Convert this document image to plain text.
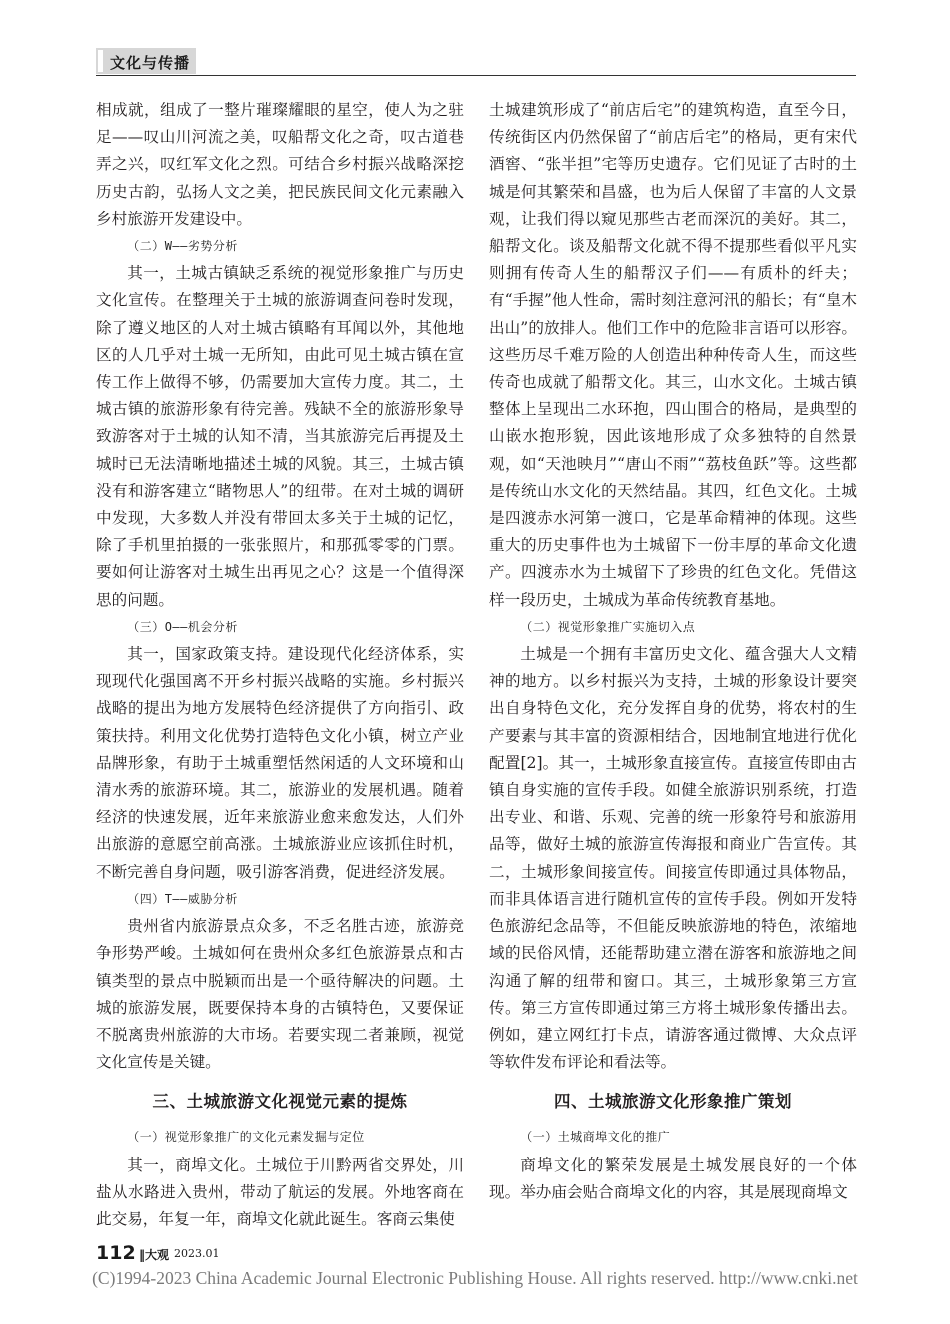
文化与传播

相成就，组成了一整片璀璨耀眼的星空，使人为之驻足——叹山川河流之美，叹船帮文化之奇，叹古道巷弄之兴，叹红军文化之烈。可结合乡村振兴战略深挖历史古韵，弘扬人文之美，把民族民间文化元素融入乡村旅游开发建设中。

（二）W——劣势分析

其一，土城古镇缺乏系统的视觉形象推广与历史文化宣传。在整理关于土城的旅游调查问卷时发现，除了遵义地区的人对土城古镇略有耳闻以外，其他地区的人几乎对土城一无所知，由此可见土城古镇在宣传工作上做得不够，仍需要加大宣传力度。其二，土城古镇的旅游形象有待完善。残缺不全的旅游形象导致游客对于土城的认知不清，当其旅游完后再提及土城时已无法清晰地描述土城的风貌。其三，土城古镇没有和游客建立“睹物思人”的纽带。在对土城的调研中发现，大多数人并没有带回太多关于土城的记忆，除了手机里拍摄的一张张照片，和那孤零零的门票。要如何让游客对土城生出再见之心？这是一个值得深思的问题。

（三）O——机会分析

其一，国家政策支持。建设现代化经济体系，实现现代化强国离不开乡村振兴战略的实施。乡村振兴战略的提出为地方发展特色经济提供了方向指引、政策扶持。利用文化优势打造特色文化小镇，树立产业品牌形象，有助于土城重塑恬然闲适的人文环境和山清水秀的旅游环境。其二，旅游业的发展机遇。随着经济的快速发展，近年来旅游业愈来愈发达，人们外出旅游的意愿空前高涨。土城旅游业应该抓住时机，不断完善自身问题，吸引游客消费，促进经济发展。

（四）T——威胁分析

贵州省内旅游景点众多，不乏名胜古迹，旅游竞争形势严峻。土城如何在贵州众多红色旅游景点和古镇类型的景点中脱颖而出是一个亟待解决的问题。土城的旅游发展，既要保持本身的古镇特色，又要保证不脱离贵州旅游的大市场。若要实现二者兼顾，视觉文化宣传是关键。

三、土城旅游文化视觉元素的提炼
（一）视觉形象推广的文化元素发掘与定位

其一，商埠文化。土城位于川黔两省交界处，川盐从水路进入贵州，带动了航运的发展。外地客商在此交易，年复一年，商埠文化就此诞生。客商云集使

土城建筑形成了“前店后宅”的建筑构造，直至今日，传统街区内仍然保留了“前店后宅”的格局，更有宋代酒窖、“张半担”宅等历史遗存。它们见证了古时的土城是何其繁荣和昌盛，也为后人保留了丰富的人文景观，让我们得以窥见那些古老而深沉的美好。其二，船帮文化。谈及船帮文化就不得不提那些看似平凡实则拥有传奇人生的船帮汉子们——有质朴的纤夫；有“手握”他人性命，需时刻注意河汛的船长；有“皇木出山”的放排人。他们工作中的危险非言语可以形容。这些历尽千难万险的人创造出种种传奇人生，而这些传奇也成就了船帮文化。其三，山水文化。土城古镇整体上呈现出二水环抱，四山围合的格局，是典型的山嵌水抱形貌，因此该地形成了众多独特的自然景观，如“天池映月”“唐山不雨”“荔枝鱼跃”等。这些都是传统山水文化的天然结晶。其四，红色文化。土城是四渡赤水河第一渡口，它是革命精神的体现。这些重大的历史事件也为土城留下一份丰厚的革命文化遗产。四渡赤水为土城留下了珍贵的红色文化。凭借这样一段历史，土城成为革命传统教育基地。

（二）视觉形象推广实施切入点

土城是一个拥有丰富历史文化、蕴含强大人文精神的地方。以乡村振兴为支持，土城的形象设计要突出自身特色文化，充分发挥自身的优势，将农村的生产要素与其丰富的资源相结合，因地制宜地进行优化配置[2]。其一，土城形象直接宣传。直接宣传即由古镇自身实施的宣传手段。如健全旅游识别系统，打造出专业、和谐、乐观、完善的统一形象符号和旅游用品等，做好土城的旅游宣传海报和商业广告宣传。其二，土城形象间接宣传。间接宣传即通过具体物品，而非具体语言进行随机宣传的宣传手段。例如开发特色旅游纪念品等，不但能反映旅游地的特色，浓缩地域的民俗风情，还能帮助建立潜在游客和旅游地之间沟通了解的纽带和窗口。其三，土城形象第三方宣传。第三方宣传即通过第三方将土城形象传播出去。例如，建立网红打卡点，请游客通过微博、大众点评等软件发布评论和看法等。

四、土城旅游文化形象推广策划
（一）土城商埠文化的推广

商埠文化的繁荣发展是土城发展良好的一个体现。举办庙会贴合商埠文化的内容，其是展现商埠文

112 ‖大观 2023.01
(C)1994-2023 China Academic Journal Electronic Publishing House. All rights reserved. http://www.cnki.net
